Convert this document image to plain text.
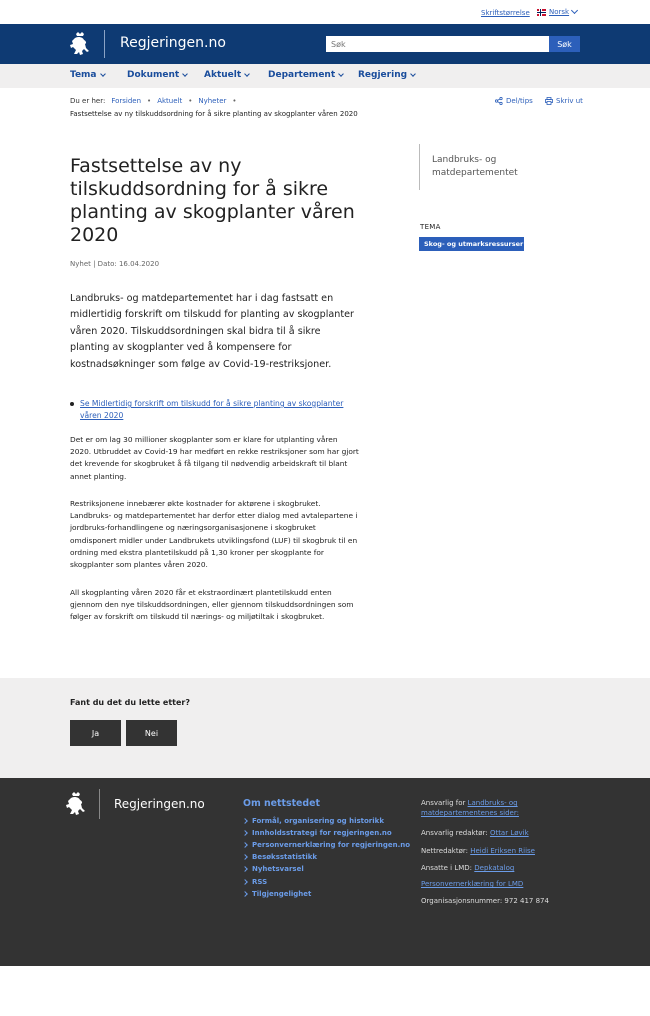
Skriftstørrelse	Norsk
Regjeringen.no
Søk	Søk
Tema	Dokument	Aktuelt	Departement	Regjering
Du er her: Forsiden • Aktuelt • Nyheter •
Fastsettelse av ny tilskuddsordning for å sikre planting av skogplanter våren 2020
Del/tips	Skriv ut
Fastsettelse av ny tilskuddsordning for å sikre planting av skogplanter våren 2020
Nyhet | Dato: 16.04.2020

Landbruks- og matdepartementet har i dag fastsatt en midlertidig forskrift om tilskudd for planting av skogplanter våren 2020. Tilskuddsordningen skal bidra til å sikre planting av skogplanter ved å kompensere for kostnadsøkninger som følge av Covid-19-restriksjoner.

Landbruks- og matdepartementet
TEMA
Skog- og utmarksressurser
Se Midlertidig forskrift om tilskudd for å sikre planting av skogplanter våren 2020

Det er om lag 30 millioner skogplanter som er klare for utplanting våren 2020. Utbruddet av Covid-19 har medført en rekke restriksjoner som har gjort det krevende for skogbruket å få tilgang til nødvendig arbeidskraft til blant annet planting.

Restriksjonene innebærer økte kostnader for aktørene i skogbruket. Landbruks- og matdepartementet har derfor etter dialog med avtalepartene i jordbruks-forhandlingene og næringsorganisasjonene i skogbruket omdisponert midler under Landbrukets utviklingsfond (LUF) til skogbruk til en ordning med ekstra plantetilskudd på 1,30 kroner per skogplante for skogplanter som plantes våren 2020.

All skogplanting våren 2020 får et ekstraordinært plantetilskudd enten gjennom den nye tilskuddsordningen, eller gjennom tilskuddsordningen som følger av forskrift om tilskudd til nærings- og miljøtiltak i skogbruket.

Fant du det du lette etter?
Ja	Nei
Regjeringen.no	Om nettstedet
Formål, organisering og historikk
Innholdsstrategi for regjeringen.no
Personvernerklæring for regjeringen.no
Besøksstatistikk
Nyhetsvarsel
RSS
Tilgjengelighet
Ansvarlig for Landbruks- og matdepartementenes sider:
Ansvarlig redaktør: Ottar Løvik
Nettredaktør: Heidi Eriksen Riise
Ansatte i LMD: Depkatalog
Personvernerklæring for LMD
Organisasjonsnummer: 972 417 874
